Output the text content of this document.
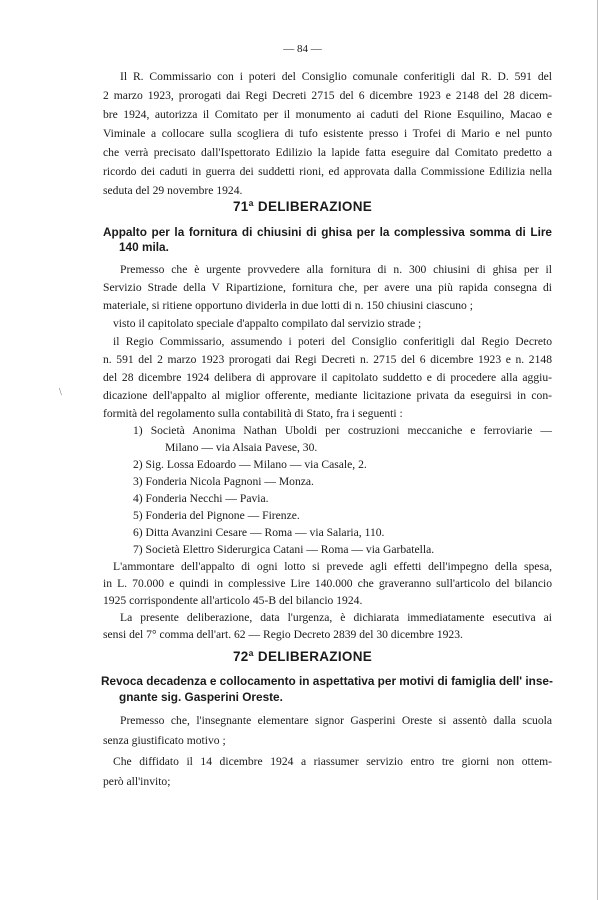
— 84 —
Il R. Commissario con i poteri del Consiglio comunale conferitigli dal R. D. 591 del
2 marzo 1923, prorogati dai Regi Decreti 2715 del 6 dicembre 1923 e 2148 del 28 dicem-
bre 1924, autorizza il Comitato per il monumento ai caduti del Rione Esquilino, Macao e
Viminale a collocare sulla scogliera di tufo esistente presso i Trofei di Mario e nel punto
che verrà precisato dall'Ispettorato Edilizio la lapide fatta eseguire dal Comitato predetto a
ricordo dei caduti in guerra dei suddetti rioni, ed approvata dalla Commissione Edilizia nella
seduta del 29 novembre 1924.
71ª DELIBERAZIONE
Appalto per la fornitura di chiusini di ghisa per la complessiva somma di Lire
140 mila.
Premesso che è urgente provvedere alla fornitura di n. 300 chiusini di ghisa per il
Servizio Strade della V Ripartizione, fornitura che, per avere una più rapida consegna di
materiale, si ritiene opportuno dividerla in due lotti di n. 150 chiusini ciascuno ;
visto il capitolato speciale d'appalto compilato dal servizio strade ;
il Regio Commissario, assumendo i poteri del Consiglio conferitigli dal Regio Decreto
n. 591 del 2 marzo 1923 prorogati dai Regi Decreti n. 2715 del 6 dicembre 1923 e n. 2148
del 28 dicembre 1924 delibera di approvare il capitolato suddetto e di procedere alla aggiu-
dicazione dell'appalto al miglior offerente, mediante licitazione privata da eseguirsi in con-
formità del regolamento sulla contabilità di Stato, fra i seguenti :
\
1) Società Anonima Nathan Uboldi per costruzioni meccaniche e ferroviarie —
Milano — via Alsaia Pavese, 30.
2) Sig. Lossa Edoardo — Milano — via Casale, 2.
3) Fonderia Nicola Pagnoni — Monza.
4) Fonderia Necchi — Pavia.
5) Fonderia del Pignone — Firenze.
6) Ditta Avanzini Cesare — Roma — via Salaria, 110.
7) Società Elettro Siderurgica Catani — Roma — via Garbatella.
L'ammontare dell'appalto di ogni lotto si prevede agli effetti dell'impegno della spesa,
in L. 70.000 e quindi in complessive Lire 140.000 che graveranno sull'articolo del bilancio
1925 corrispondente all'articolo 45-B del bilancio 1924.
La presente deliberazione, data l'urgenza, è dichiarata immediatamente esecutiva ai
sensi del 7° comma dell'art. 62 — Regio Decreto 2839 del 30 dicembre 1923.
72ª DELIBERAZIONE
Revoca decadenza e collocamento in aspettativa per motivi di famiglia dell' inse-
gnante sig. Gasperini Oreste.
Premesso che, l'insegnante elementare signor Gasperini Oreste si assentò dalla scuola
senza giustificato motivo ;
Che diffidato il 14 dicembre 1924 a riassumer servizio entro tre giorni non ottem-
però all'invito;
